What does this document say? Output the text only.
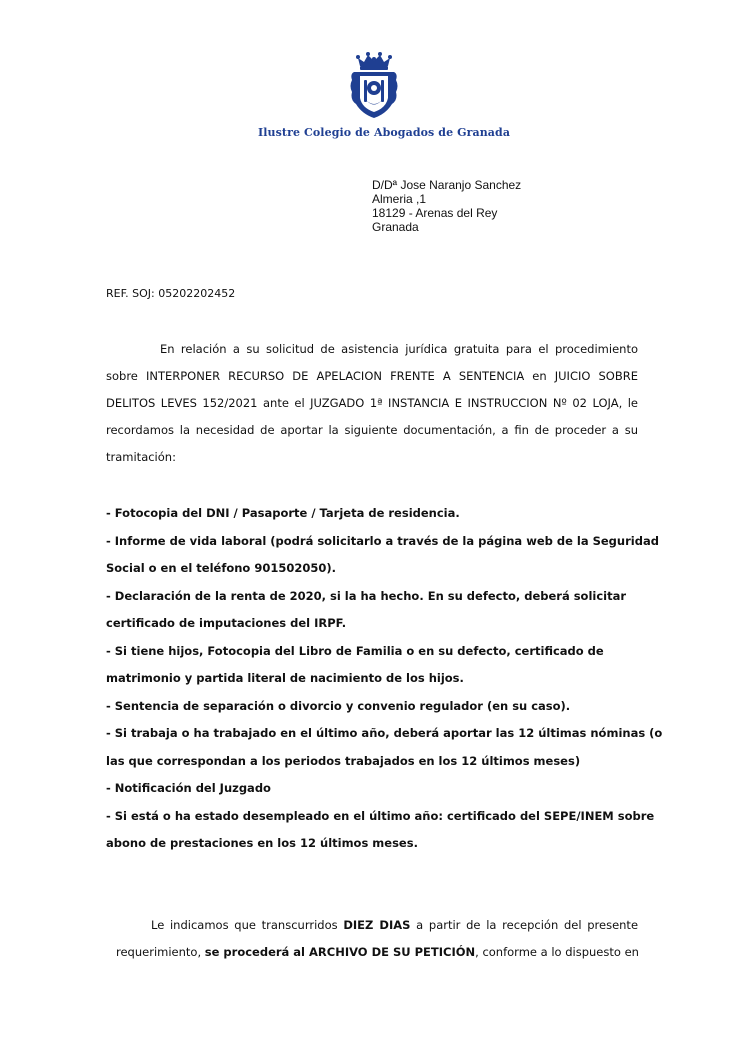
Ilustre Colegio de Abogados de Granada
D/Dª Jose Naranjo Sanchez
Almeria ,1
18129 - Arenas del Rey
Granada
REF. SOJ: 05202202452
En relación a su solicitud de asistencia jurídica gratuita para el procedimiento
sobre INTERPONER RECURSO DE APELACION FRENTE A SENTENCIA en JUICIO SOBRE
DELITOS LEVES 152/2021 ante el JUZGADO 1ª INSTANCIA E INSTRUCCION Nº 02 LOJA, le
recordamos la necesidad de aportar la siguiente documentación, a fin de proceder a su
tramitación:
- Fotocopia del DNI / Pasaporte / Tarjeta de residencia.
- Informe de vida laboral (podrá solicitarlo a través de la página web de la Seguridad
Social o en el teléfono 901502050).
- Declaración de la renta de 2020, si la ha hecho. En su defecto, deberá solicitar
certificado de imputaciones del IRPF.
- Si tiene hijos, Fotocopia del Libro de Familia o en su defecto, certificado de
matrimonio y partida literal de nacimiento de los hijos.
- Sentencia de separación o divorcio y convenio regulador (en su caso).
- Si trabaja o ha trabajado en el último año, deberá aportar las 12 últimas nóminas (o
las que correspondan a los periodos trabajados en los 12 últimos meses)
- Notificación del Juzgado
- Si está o ha estado desempleado en el último año: certificado del SEPE/INEM sobre
abono de prestaciones en los 12 últimos meses.
Le indicamos que transcurridos DIEZ DIAS a partir de la recepción del presente
requerimiento, se procederá al ARCHIVO DE SU PETICIÓN, conforme a lo dispuesto en
